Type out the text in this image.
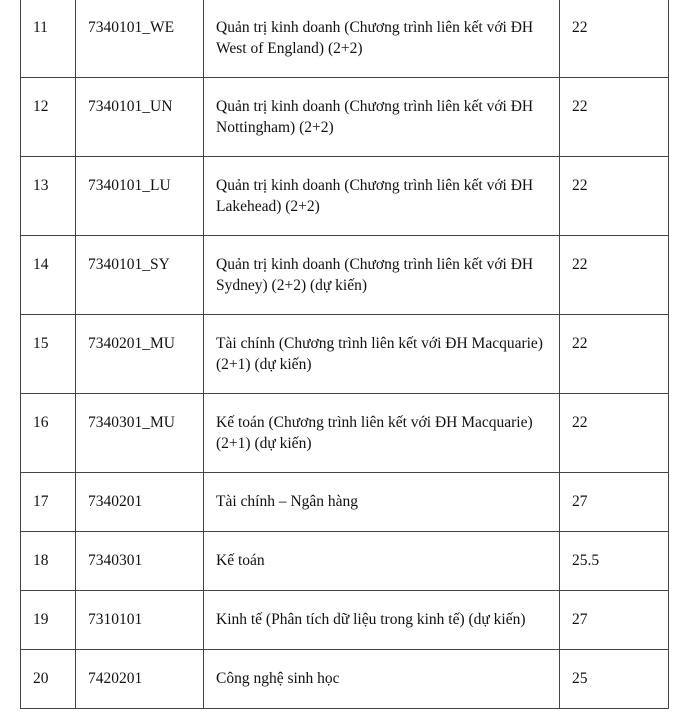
11	7340101_WE	Quản trị kinh doanh (Chương trình liên kết với ĐH West of England) (2+2)	22
12	7340101_UN	Quản trị kinh doanh (Chương trình liên kết với ĐH Nottingham) (2+2)	22
13	7340101_LU	Quản trị kinh doanh (Chương trình liên kết với ĐH Lakehead) (2+2)	22
14	7340101_SY	Quản trị kinh doanh (Chương trình liên kết với ĐH Sydney) (2+2) (dự kiến)	22
15	7340201_MU	Tài chính (Chương trình liên kết với ĐH Macquarie) (2+1) (dự kiến)	22
16	7340301_MU	Kế toán (Chương trình liên kết với ĐH Macquarie) (2+1) (dự kiến)	22
17	7340201	Tài chính – Ngân hàng	27
18	7340301	Kế toán	25.5
19	7310101	Kinh tế (Phân tích dữ liệu trong kinh tế) (dự kiến)	27
20	7420201	Công nghệ sinh học	25
